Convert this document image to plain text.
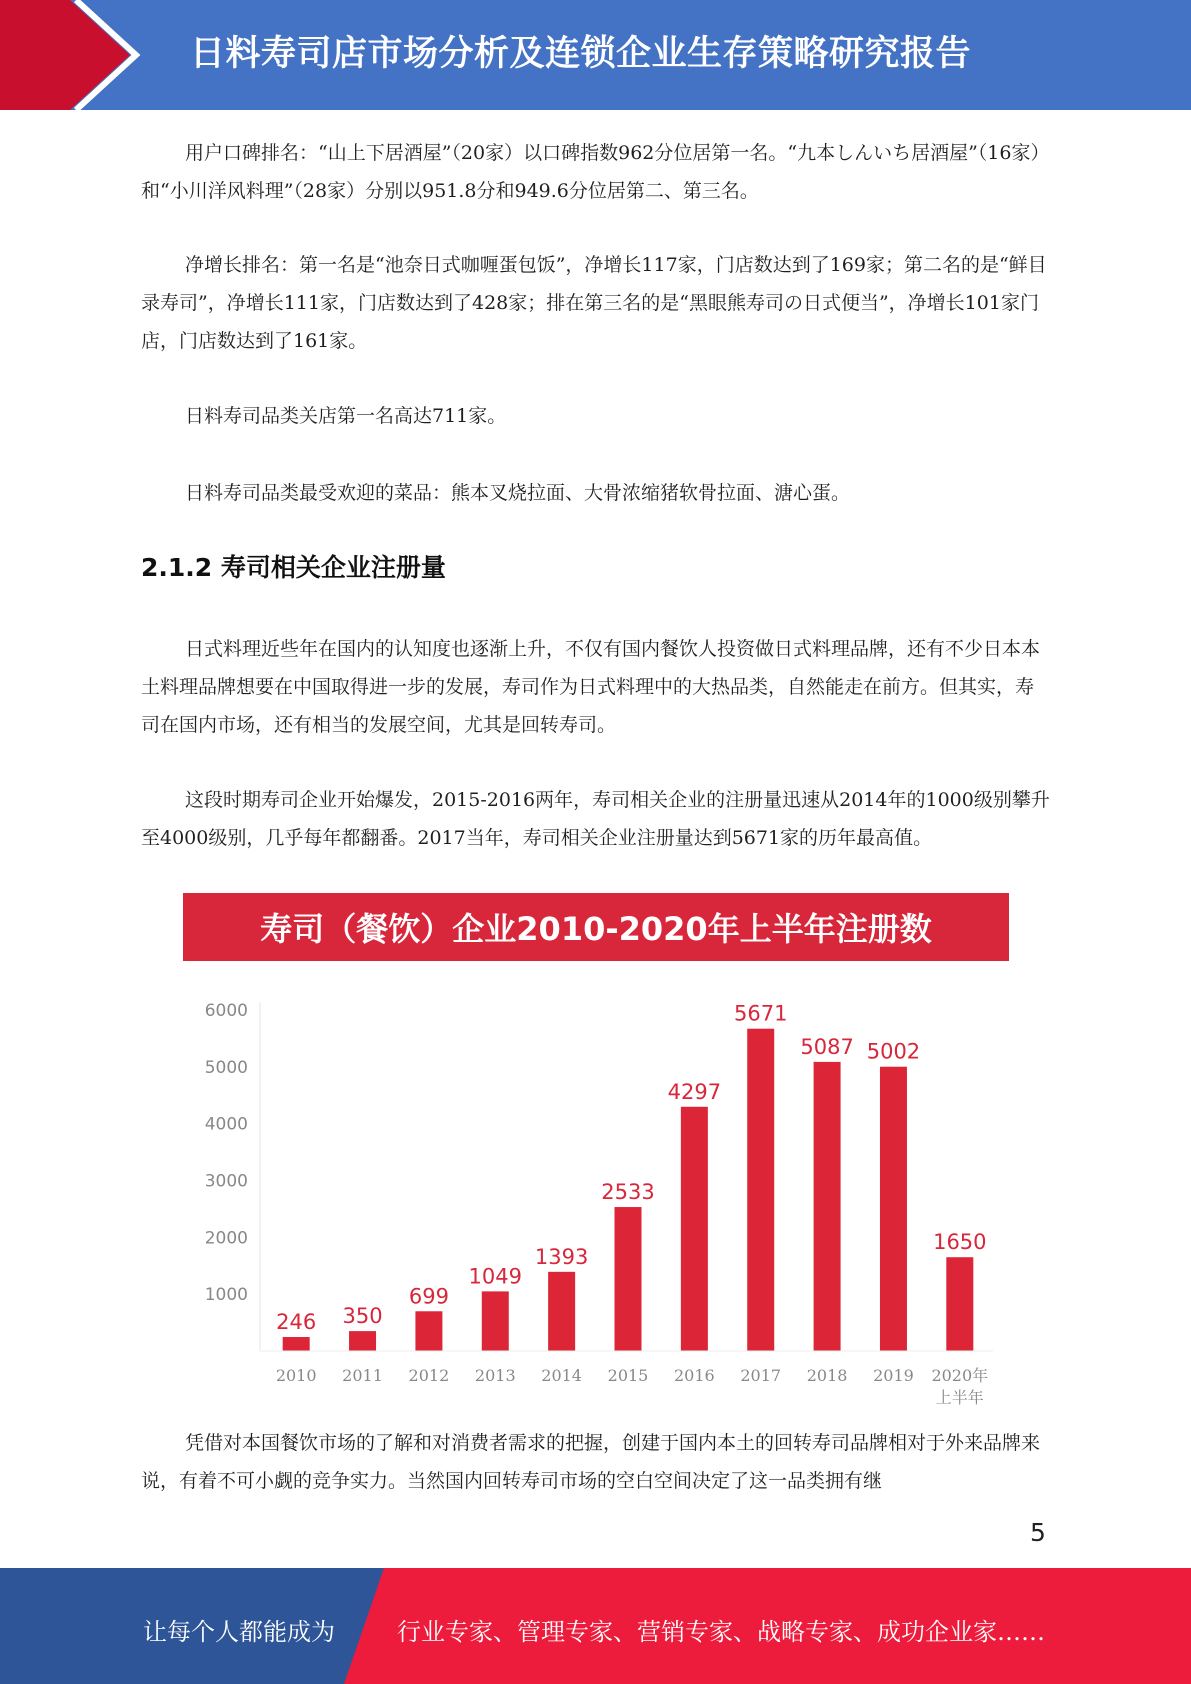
日料寿司店市场分析及连锁企业生存策略研究报告

用户口碑排名：“山上下居酒屋”（20家）以口碑指数962分位居第一名。“九本しんいち居酒屋”（16家）和“小川洋风料理”（28家）分别以951.8分和949.6分位居第二、第三名。

净增长排名：第一名是“池奈日式咖喱蛋包饭”，净增长117家，门店数达到了169家；第二名的是“鲜目录寿司”，净增长111家，门店数达到了428家；排在第三名的是“黑眼熊寿司の日式便当”，净增长101家门店，门店数达到了161家。

日料寿司品类关店第一名高达711家。

日料寿司品类最受欢迎的菜品：熊本叉烧拉面、大骨浓缩猪软骨拉面、溏心蛋。

2.1.2 寿司相关企业注册量

日式料理近些年在国内的认知度也逐渐上升，不仅有国内餐饮人投资做日式料理品牌，还有不少日本本土料理品牌想要在中国取得进一步的发展，寿司作为日式料理中的大热品类，自然能走在前方。但其实，寿司在国内市场，还有相当的发展空间，尤其是回转寿司。

这段时期寿司企业开始爆发，2015-2016两年，寿司相关企业的注册量迅速从2014年的1000级别攀升至4000级别，几乎每年都翻番。2017当年，寿司相关企业注册量达到5671家的历年最高值。

寿司（餐饮）企业2010-2020年上半年注册数
1000
2000
3000
4000
5000
6000
246
2010
350
2011
699
2012
1049
2013
1393
2014
2533
2015
4297
2016
5671
2017
5087
2018
5002
2019
1650
2020年上半年

凭借对本国餐饮市场的了解和对消费者需求的把握，创建于国内本土的回转寿司品牌相对于外来品牌来说，有着不可小觑的竞争实力。当然国内回转寿司市场的空白空间决定了这一品类拥有继

5
让每个人都能成为	行业专家、管理专家、营销专家、战略专家、成功企业家……
